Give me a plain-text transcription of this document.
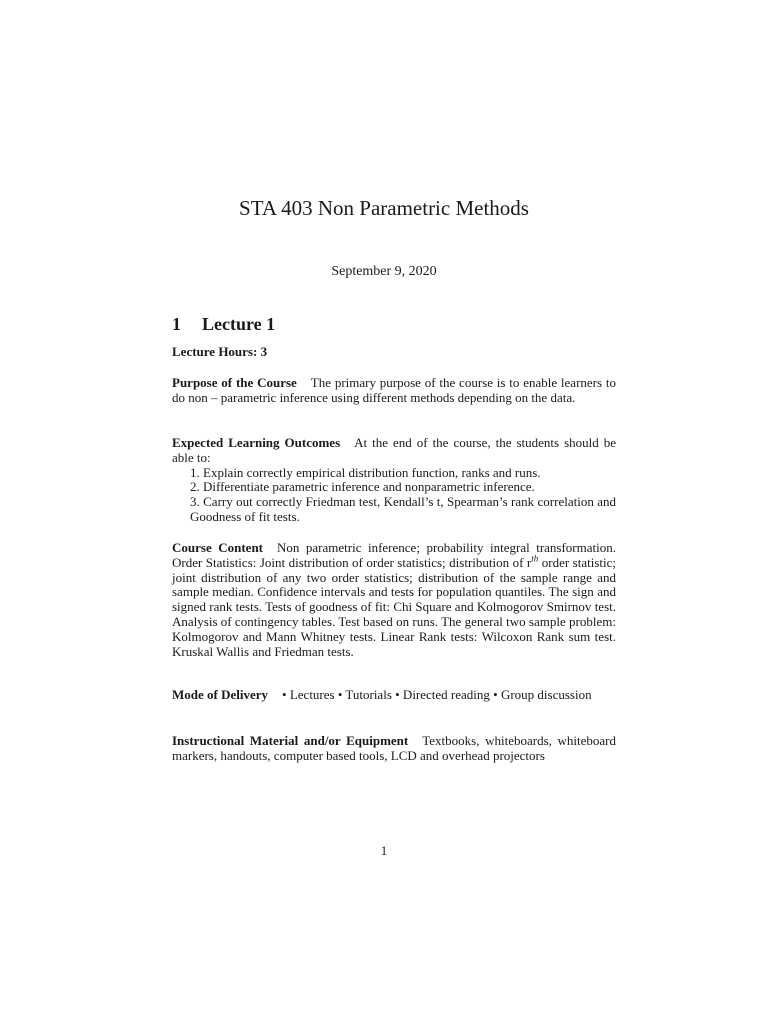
STA 403 Non Parametric Methods
September 9, 2020
1 Lecture 1
Lecture Hours: 3
Purpose of the Course The primary purpose of the course is to enable learners to do non – parametric inference using different methods depending on the data.
Expected Learning Outcomes At the end of the course, the students should be able to:
1. Explain correctly empirical distribution function, ranks and runs.
2. Differentiate parametric inference and nonparametric inference.
3. Carry out correctly Friedman test, Kendall’s t, Spearman’s rank correlation and Goodness of fit tests.
Course Content Non parametric inference; probability integral transformation. Order Statistics: Joint distribution of order statistics; distribution of $r^{th}$ order statistic; joint distribution of any two order statistics; distribution of the sample range and sample median. Confidence intervals and tests for population quantiles. The sign and signed rank tests. Tests of goodness of fit: Chi Square and Kolmogorov Smirnov test. Analysis of contingency tables. Test based on runs. The general two sample problem: Kolmogorov and Mann Whitney tests. Linear Rank tests: Wilcoxon Rank sum test. Kruskal Wallis and Friedman tests.
Mode of Delivery • Lectures • Tutorials • Directed reading • Group discussion
Instructional Material and/or Equipment Textbooks, whiteboards, whiteboard markers, handouts, computer based tools, LCD and overhead projectors
1
